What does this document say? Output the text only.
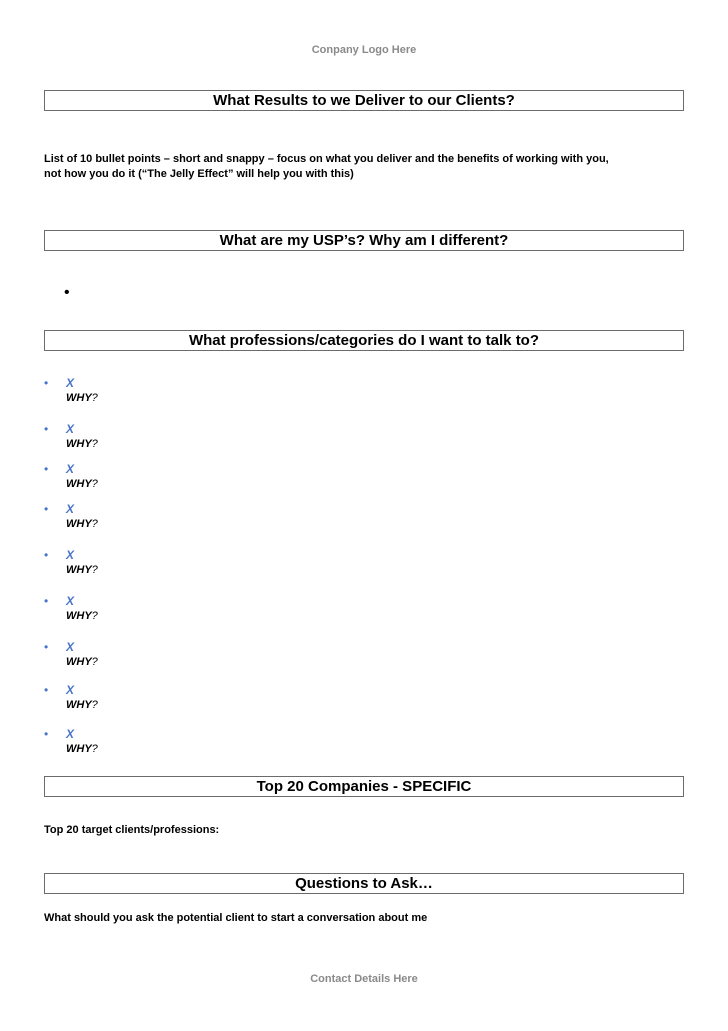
Conpany Logo Here
What Results to we Deliver to our Clients?
List of 10 bullet points – short and snappy – focus on what you deliver and the benefits of working with you,
not how you do it (“The Jelly Effect” will help you with this)
What are my USP’s? Why am I different?
•
What professions/categories do I want to talk to?
• X
WHY?
• X
WHY?
• X
WHY?
• X
WHY?
• X
WHY?
• X
WHY?
• X
WHY?
• X
WHY?
• X
WHY?
Top 20 Companies - SPECIFIC
Top 20 target clients/professions:
Questions to Ask…
What should you ask the potential client to start a conversation about me
Contact Details Here
